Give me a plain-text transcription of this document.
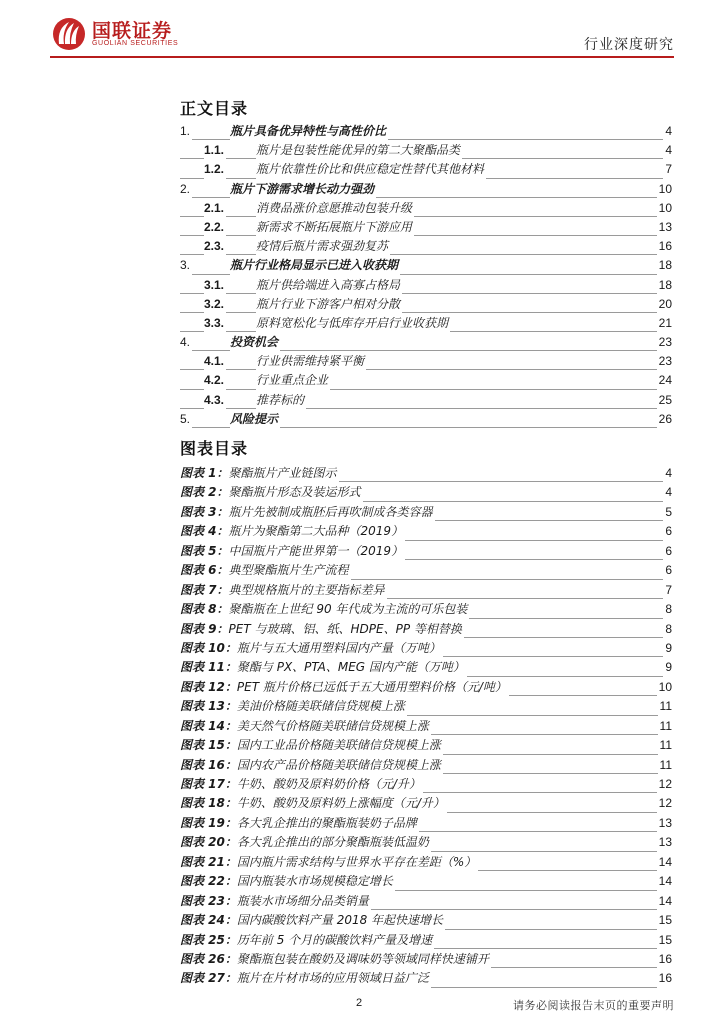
国联证券
GUOLIAN SECURITIES	行业深度研究
正文目录
1.	瓶片具备优异特性与高性价比	4
1.1.	瓶片是包装性能优异的第二大聚酯品类	4
1.2.	瓶片依靠性价比和供应稳定性替代其他材料	7
2.	瓶片下游需求增长动力强劲	10
2.1.	消费品涨价意愿推动包装升级	10
2.2.	新需求不断拓展瓶片下游应用	13
2.3.	疫情后瓶片需求强劲复苏	16
3.	瓶片行业格局显示已进入收获期	18
3.1.	瓶片供给端进入高寡占格局	18
3.2.	瓶片行业下游客户相对分散	20
3.3.	原料宽松化与低库存开启行业收获期	21
4.	投资机会	23
4.1.	行业供需维持紧平衡	23
4.2.	行业重点企业	24
4.3.	推荐标的	25
5.	风险提示	26
图表目录
图表 1：聚酯瓶片产业链图示	4
图表 2：聚酯瓶片形态及装运形式	4
图表 3：瓶片先被制成瓶胚后再吹制成各类容器	5
图表 4：瓶片为聚酯第二大品种（2019）	6
图表 5：中国瓶片产能世界第一（2019）	6
图表 6：典型聚酯瓶片生产流程	6
图表 7：典型规格瓶片的主要指标差异	7
图表 8：聚酯瓶在上世纪 90 年代成为主流的可乐包装	8
图表 9：PET 与玻璃、铝、纸、HDPE、PP 等相替换	8
图表 10：瓶片与五大通用塑料国内产量（万吨）	9
图表 11：聚酯与 PX、PTA、MEG 国内产能（万吨）	9
图表 12：PET 瓶片价格已远低于五大通用塑料价格（元/吨）	10
图表 13：美油价格随美联储信贷规模上涨	11
图表 14：美天然气价格随美联储信贷规模上涨	11
图表 15：国内工业品价格随美联储信贷规模上涨	11
图表 16：国内农产品价格随美联储信贷规模上涨	11
图表 17：牛奶、酸奶及原料奶价格（元/升）	12
图表 18：牛奶、酸奶及原料奶上涨幅度（元/升）	12
图表 19：各大乳企推出的聚酯瓶装奶子品牌	13
图表 20：各大乳企推出的部分聚酯瓶装低温奶	13
图表 21：国内瓶片需求结构与世界水平存在差距（%）	14
图表 22：国内瓶装水市场规模稳定增长	14
图表 23：瓶装水市场细分品类销量	14
图表 24：国内碳酸饮料产量 2018 年起快速增长	15
图表 25：历年前 5 个月的碳酸饮料产量及增速	15
图表 26：聚酯瓶包装在酸奶及调味奶等领域同样快速铺开	16
图表 27：瓶片在片材市场的应用领域日益广泛	16
2	请务必阅读报告末页的重要声明
